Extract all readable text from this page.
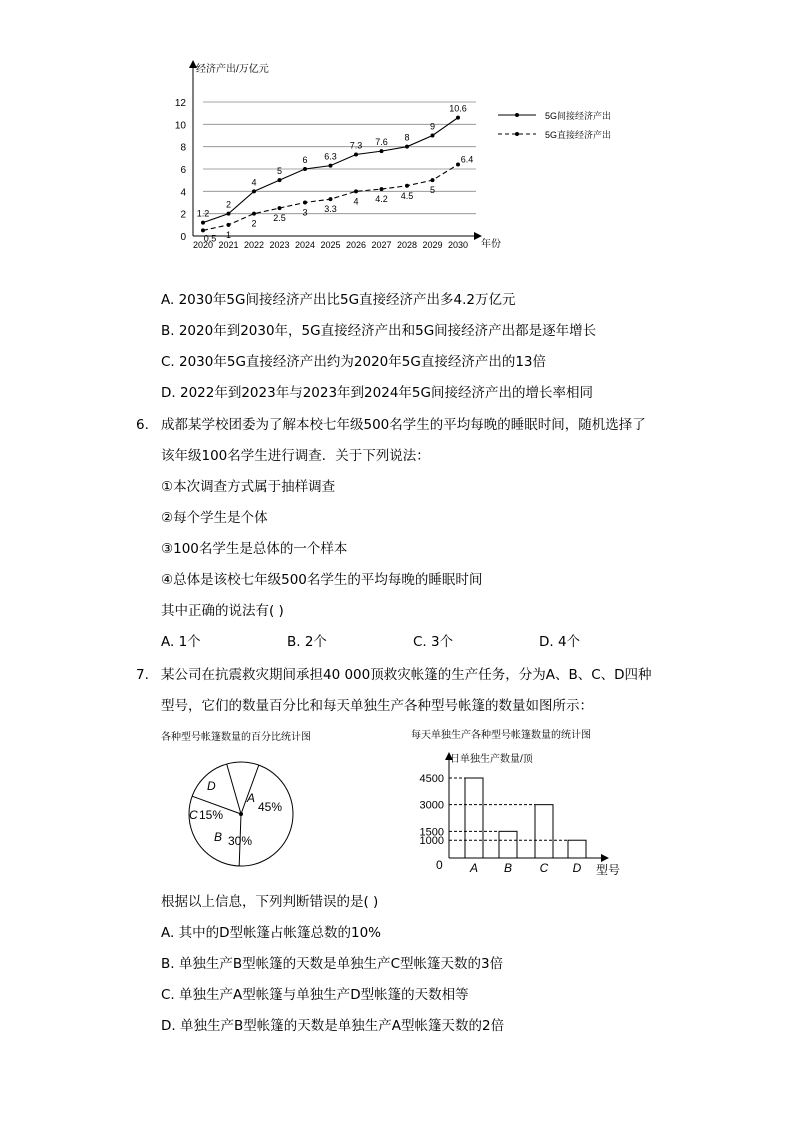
0
2
4
6
8
10
12
2020 2021 2022 2023 2024 2025 2026 2027 2028 2029 2030
1.2
2
4
5
6 6.3
7.3 7.6 8
9
10.6
0.5 1
2
2.5
3 3.3
4 4.2 4.5
5
6.4
5G间接经济产出
5G直接经济产出
经济产出/万亿元
年份
A. 2030年5G间接经济产出比5G直接经济产出多4.2万亿元
B. 2020年到2030年，5G直接经济产出和5G间接经济产出都是逐年增长
C. 2030年5G直接经济产出约为2020年5G直接经济产出的13倍
D. 2022年到2023年与2023年到2024年5G间接经济产出的增长率相同
6. 成都某学校团委为了解本校七年级500名学生的平均每晚的睡眠时间，随机选择了
该年级100名学生进行调查．关于下列说法：
①本次调查方式属于抽样调查
②每个学生是个体
③100名学生是总体的一个样本
④总体是该校七年级500名学生的平均每晚的睡眠时间
其中正确的说法有( )
A. 1个	B. 2个	C. 3个	D. 4个
7. 某公司在抗震救灾期间承担40 000顶救灾帐篷的生产任务，分为A、B、C、D四种
型号，它们的数量百分比和每天单独生产各种型号帐篷的数量如图所示：
各种型号帐篷数量的百分比统计图	每天单独生产各种型号帐篷数量的统计图
A
45%
B 30%
C 15%
D
A B C D
1000
1500
3000
4500
日单独生产数量/顶
型号
0
根据以上信息，下列判断错误的是( )
A. 其中的D型帐篷占帐篷总数的10%
B. 单独生产B型帐篷的天数是单独生产C型帐篷天数的3倍
C. 单独生产A型帐篷与单独生产D型帐篷的天数相等
D. 单独生产B型帐篷的天数是单独生产A型帐篷天数的2倍
